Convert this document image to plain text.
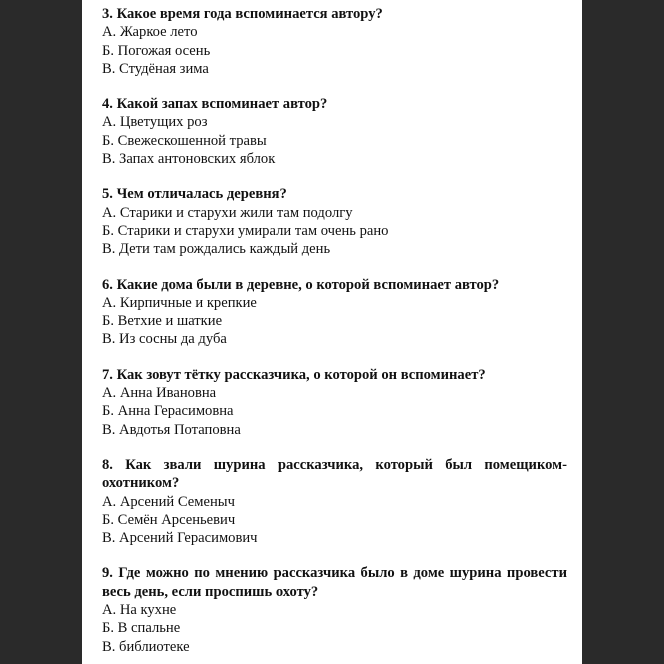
3. Какое время года вспоминается автору?
А. Жаркое лето
Б. Погожая осень
В. Студёная зима
4. Какой запах вспоминает автор?
А. Цветущих роз
Б. Свежескошенной травы
В. Запах антоновских яблок
5. Чем отличалась деревня?
А. Старики и старухи жили там подолгу
Б. Старики и старухи умирали там очень рано
В. Дети там рождались каждый день
6. Какие дома были в деревне, о которой вспоминает автор?
А. Кирпичные и крепкие
Б. Ветхие и шаткие
В. Из сосны да дуба
7. Как зовут тётку рассказчика, о которой он вспоминает?
А. Анна Ивановна
Б. Анна Герасимовна
В. Авдотья Потаповна
8. Как звали шурина рассказчика, который был помещиком-охотником?
А. Арсений Семеныч
Б. Семён Арсеньевич
В. Арсений Герасимович
9. Где можно по мнению рассказчика было в доме шурина провести весь день, если проспишь охоту?
А. На кухне
Б. В спальне
В. библиотеке
